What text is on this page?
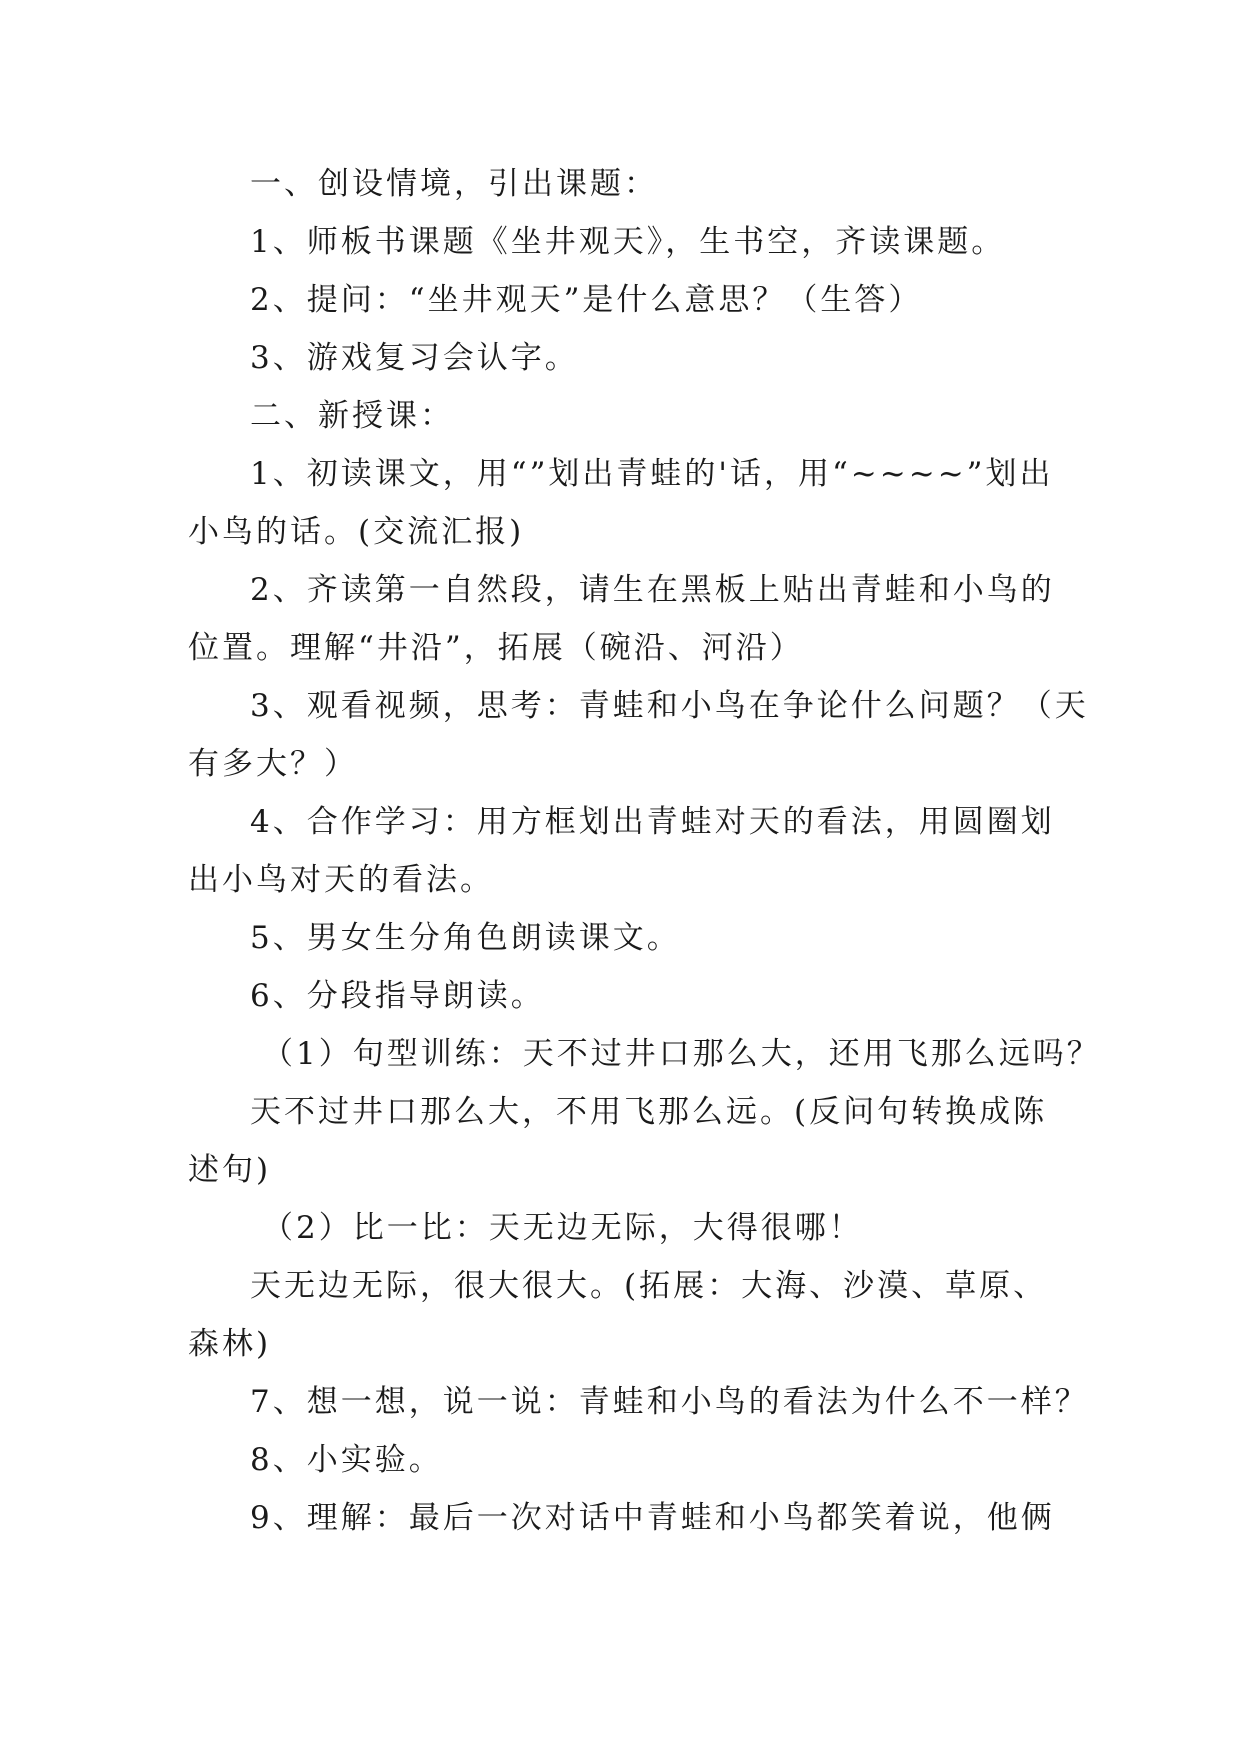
一、创设情境，引出课题：
1、师板书课题《坐井观天》，生书空，齐读课题。
2、提问：“坐井观天”是什么意思？（生答）
3、游戏复习会认字。
二、新授课：
1、初读课文，用“”划出青蛙的'话，用“~~~~”划出
小鸟的话。(交流汇报)
2、齐读第一自然段，请生在黑板上贴出青蛙和小鸟的
位置。理解“井沿”，拓展（碗沿、河沿）
3、观看视频，思考：青蛙和小鸟在争论什么问题？（天
有多大？）
4、合作学习：用方框划出青蛙对天的看法，用圆圈划
出小鸟对天的看法。
5、男女生分角色朗读课文。
6、分段指导朗读。
（1）句型训练：天不过井口那么大，还用飞那么远吗？
天不过井口那么大，不用飞那么远。(反问句转换成陈
述句)
（2）比一比：天无边无际，大得很哪！
天无边无际，很大很大。(拓展：大海、沙漠、草原、
森林)
7、想一想，说一说：青蛙和小鸟的看法为什么不一样？
8、小实验。
9、理解：最后一次对话中青蛙和小鸟都笑着说，他俩
